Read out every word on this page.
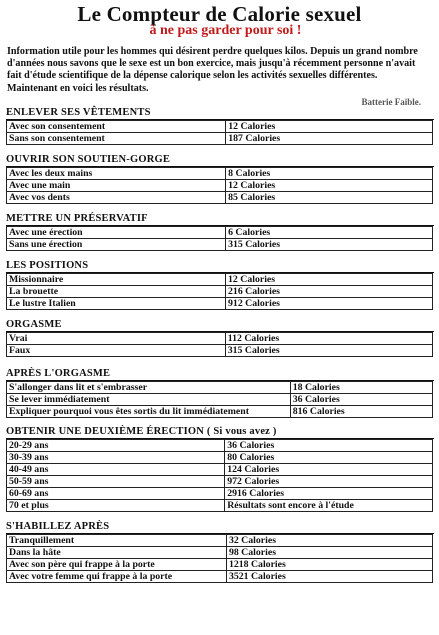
Le Compteur de Calorie sexuel
à ne pas garder pour soi !

Information utile pour les hommes qui désirent perdre quelques kilos. Depuis un grand nombre d'années nous savons que le sexe est un bon exercice, mais jusqu'à récemment personne n'avait fait d'étude scientifique de la dépense calorique selon les activités sexuelles différentes. Maintenant en voici les résultats.

Batterie Faible.
ENLEVER SES VÊTEMENTS
Avec son consentement	12 Calories
Sans son consentement	187 Calories
OUVRIR SON SOUTIEN-GORGE
Avec les deux mains	8 Calories
Avec une main	12 Calories
Avec vos dents	85 Calories
METTRE UN PRÉSERVATIF
Avec une érection	6 Calories
Sans une érection	315 Calories
LES POSITIONS
Missionnaire	12 Calories
La brouette	216 Calories
Le lustre Italien	912 Calories
ORGASME
Vrai	112 Calories
Faux	315 Calories
APRÈS L'ORGASME
S'allonger dans lit et s'embrasser	18 Calories
Se lever immédiatement	36 Calories
Expliquer pourquoi vous êtes sortis du lit immédiatement	816 Calories
OBTENIR UNE DEUXIÈME ÉRECTION ( Si vous avez )
20-29 ans	36 Calories
30-39 ans	80 Calories
40-49 ans	124 Calories
50-59 ans	972 Calories
60-69 ans	2916 Calories
70 et plus	Résultats sont encore à l'étude
S'HABILLEZ APRÈS
Tranquillement	32 Calories
Dans la hâte	98 Calories
Avec son père qui frappe à la porte	1218 Calories
Avec votre femme qui frappe à la porte	3521 Calories
